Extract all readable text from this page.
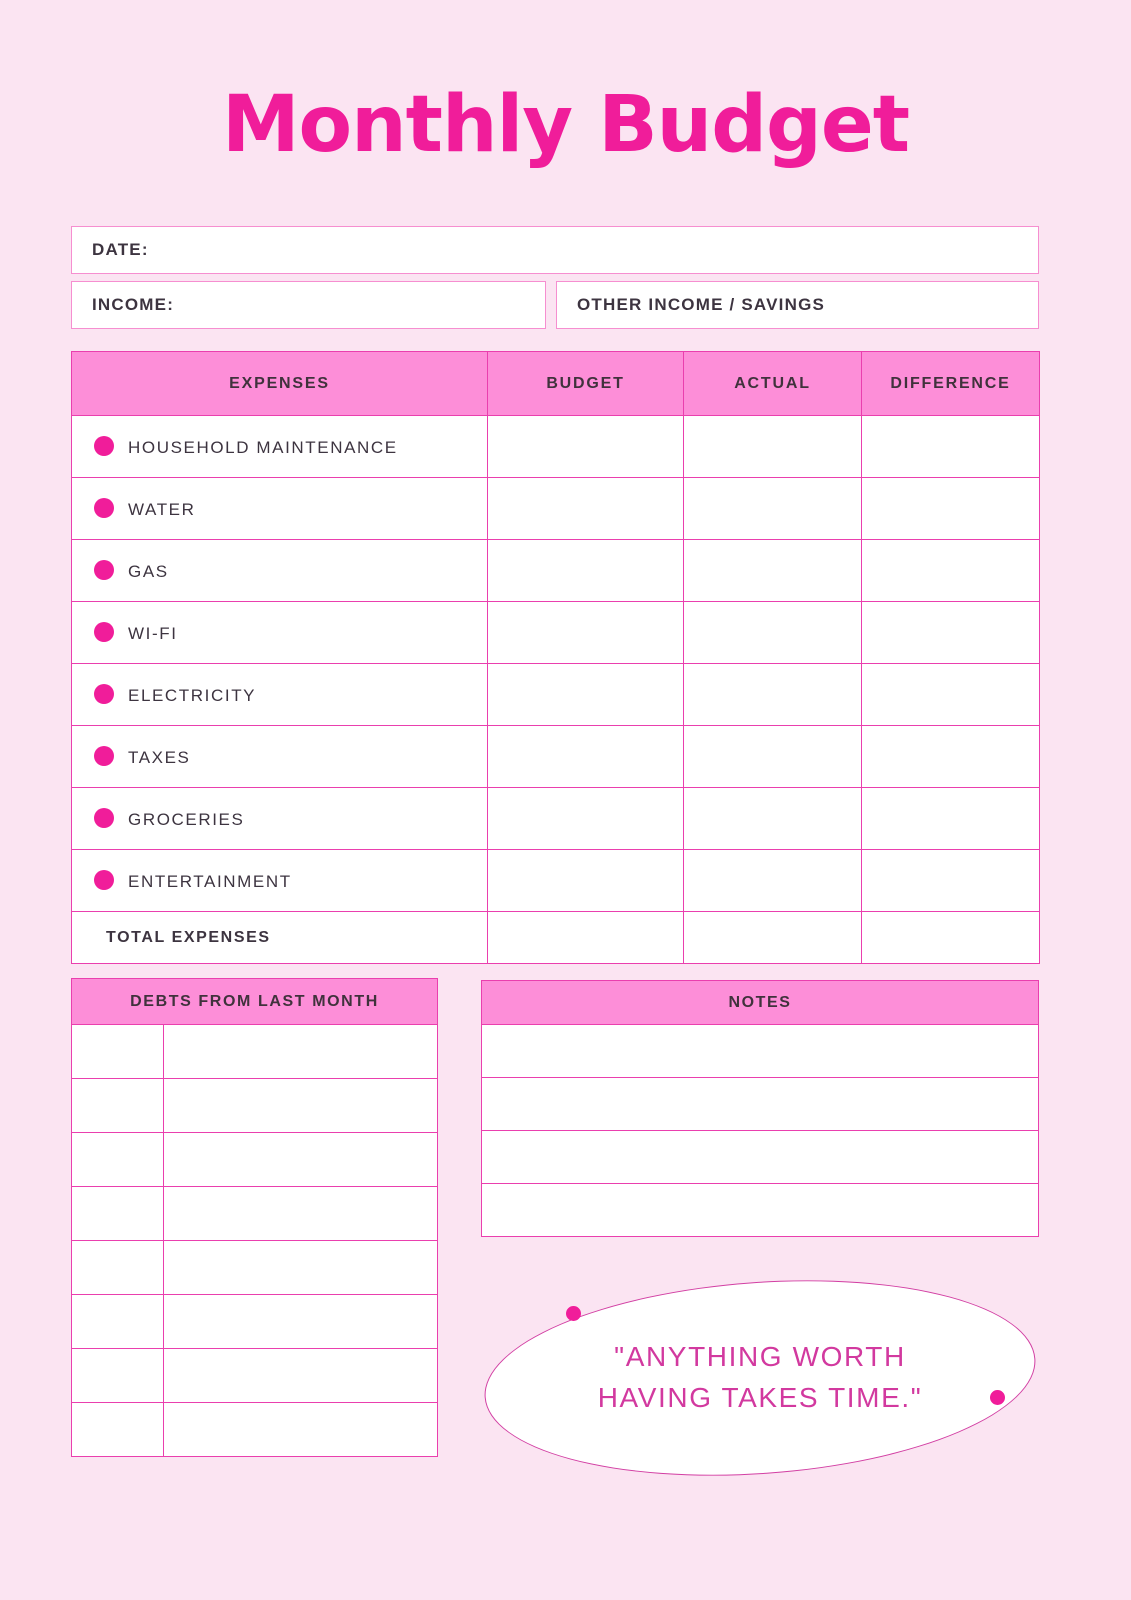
Monthly Budget
DATE:
INCOME:	OTHER INCOME / SAVINGS
EXPENSES	BUDGET	ACTUAL	DIFFERENCE
HOUSEHOLD MAINTENANCE			
WATER			
GAS			
WI-FI			
ELECTRICITY			
TAXES			
GROCERIES			
ENTERTAINMENT			
TOTAL EXPENSES			
DEBTS FROM LAST MONTH	

		NOTES

"ANYTHING WORTH
HAVING TAKES TIME."
